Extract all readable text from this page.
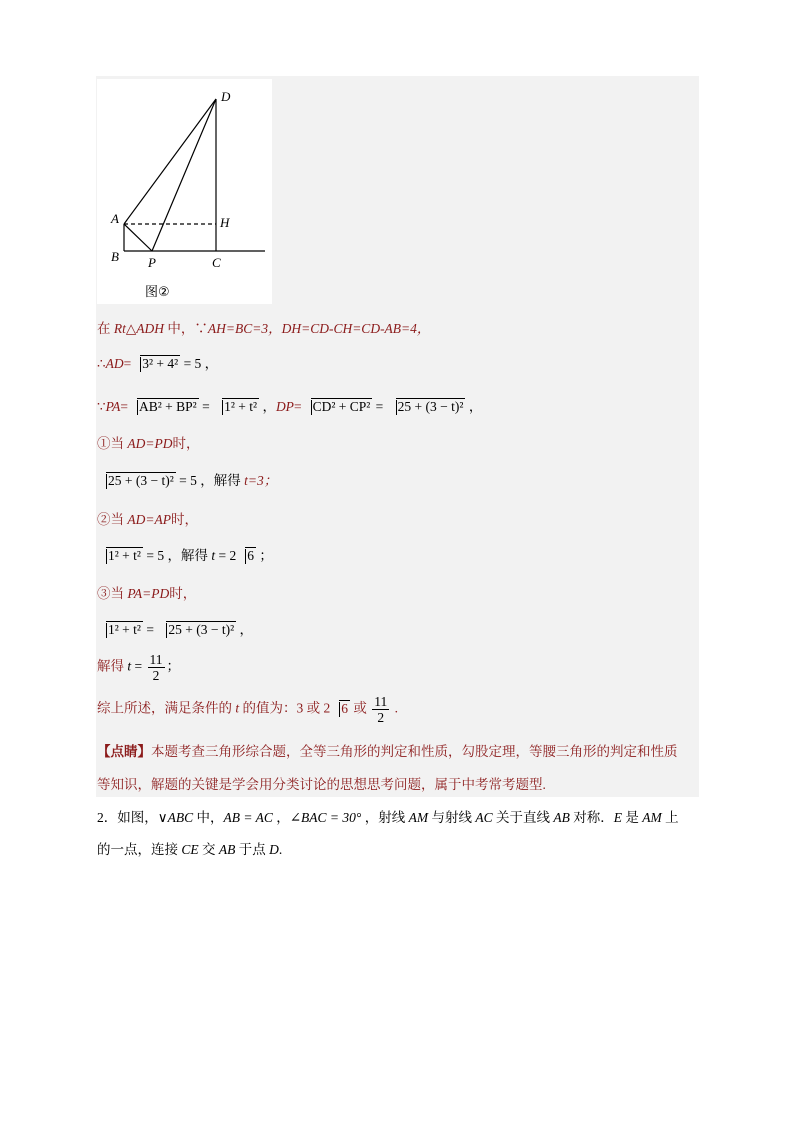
D
A	H
B P	C
图②
在 Rt△ADH 中，∵AH=BC=3，DH=CD-CH=CD-AB=4，
∴AD= 3² + 4² = 5 ，
∵PA= AB² + BP² = 1² + t² ，DP= CD² + CP² = 25 + (3 − t)² ，
①当 AD=PD时，
25 + (3 − t)² = 5 ，解得 t=3；
②当 AD=AP时，
1² + t² = 5 ，解得 t = 2 6 ；
③当 PA=PD时，
1² + t² = 25 + (3 − t)² ，
解得 $t = \frac{11}{2}$ ；
综上所述，满足条件的 t 的值为：3 或 2 6 或 $\frac{11}{2}$ .
【点睛】本题考查三角形综合题，全等三角形的判定和性质，勾股定理，等腰三角形的判定和性质
等知识，解题的关键是学会用分类讨论的思想思考问题，属于中考常考题型.
2．如图，∨ABC 中，AB = AC ，∠BAC = 30° ，射线 AM 与射线 AC 关于直线 AB 对称．E 是 AM 上
的一点，连接 CE 交 AB 于点 D.
